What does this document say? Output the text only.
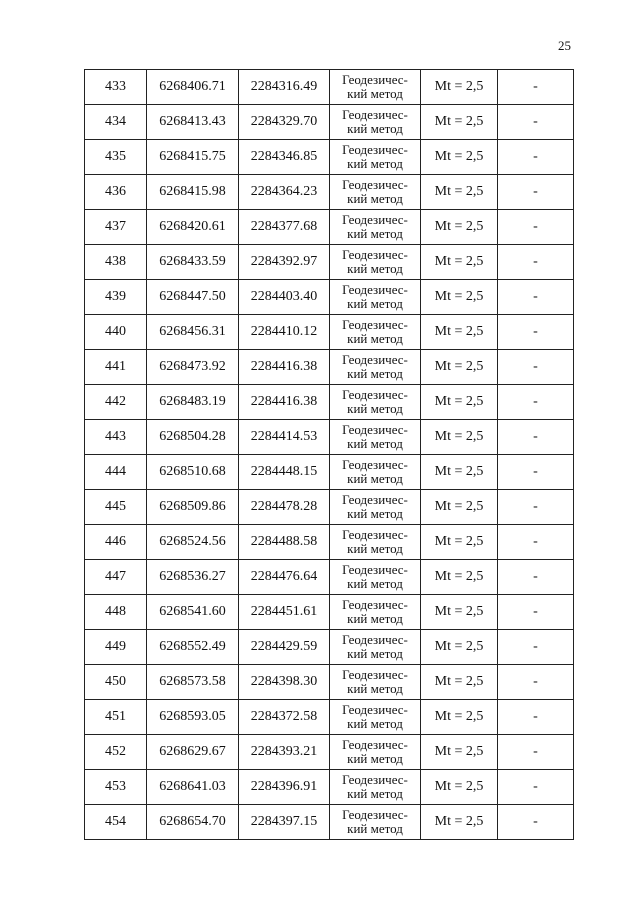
25
433	6268406.71	2284316.49	Геодезичес-
кий метод	Mt = 2,5	-
434	6268413.43	2284329.70	Геодезичес-
кий метод	Mt = 2,5	-
435	6268415.75	2284346.85	Геодезичес-
кий метод	Mt = 2,5	-
436	6268415.98	2284364.23	Геодезичес-
кий метод	Mt = 2,5	-
437	6268420.61	2284377.68	Геодезичес-
кий метод	Mt = 2,5	-
438	6268433.59	2284392.97	Геодезичес-
кий метод	Mt = 2,5	-
439	6268447.50	2284403.40	Геодезичес-
кий метод	Mt = 2,5	-
440	6268456.31	2284410.12	Геодезичес-
кий метод	Mt = 2,5	-
441	6268473.92	2284416.38	Геодезичес-
кий метод	Mt = 2,5	-
442	6268483.19	2284416.38	Геодезичес-
кий метод	Mt = 2,5	-
443	6268504.28	2284414.53	Геодезичес-
кий метод	Mt = 2,5	-
444	6268510.68	2284448.15	Геодезичес-
кий метод	Mt = 2,5	-
445	6268509.86	2284478.28	Геодезичес-
кий метод	Mt = 2,5	-
446	6268524.56	2284488.58	Геодезичес-
кий метод	Mt = 2,5	-
447	6268536.27	2284476.64	Геодезичес-
кий метод	Mt = 2,5	-
448	6268541.60	2284451.61	Геодезичес-
кий метод	Mt = 2,5	-
449	6268552.49	2284429.59	Геодезичес-
кий метод	Mt = 2,5	-
450	6268573.58	2284398.30	Геодезичес-
кий метод	Mt = 2,5	-
451	6268593.05	2284372.58	Геодезичес-
кий метод	Mt = 2,5	-
452	6268629.67	2284393.21	Геодезичес-
кий метод	Mt = 2,5	-
453	6268641.03	2284396.91	Геодезичес-
кий метод	Mt = 2,5	-
454	6268654.70	2284397.15	Геодезичес-
кий метод	Mt = 2,5	-
